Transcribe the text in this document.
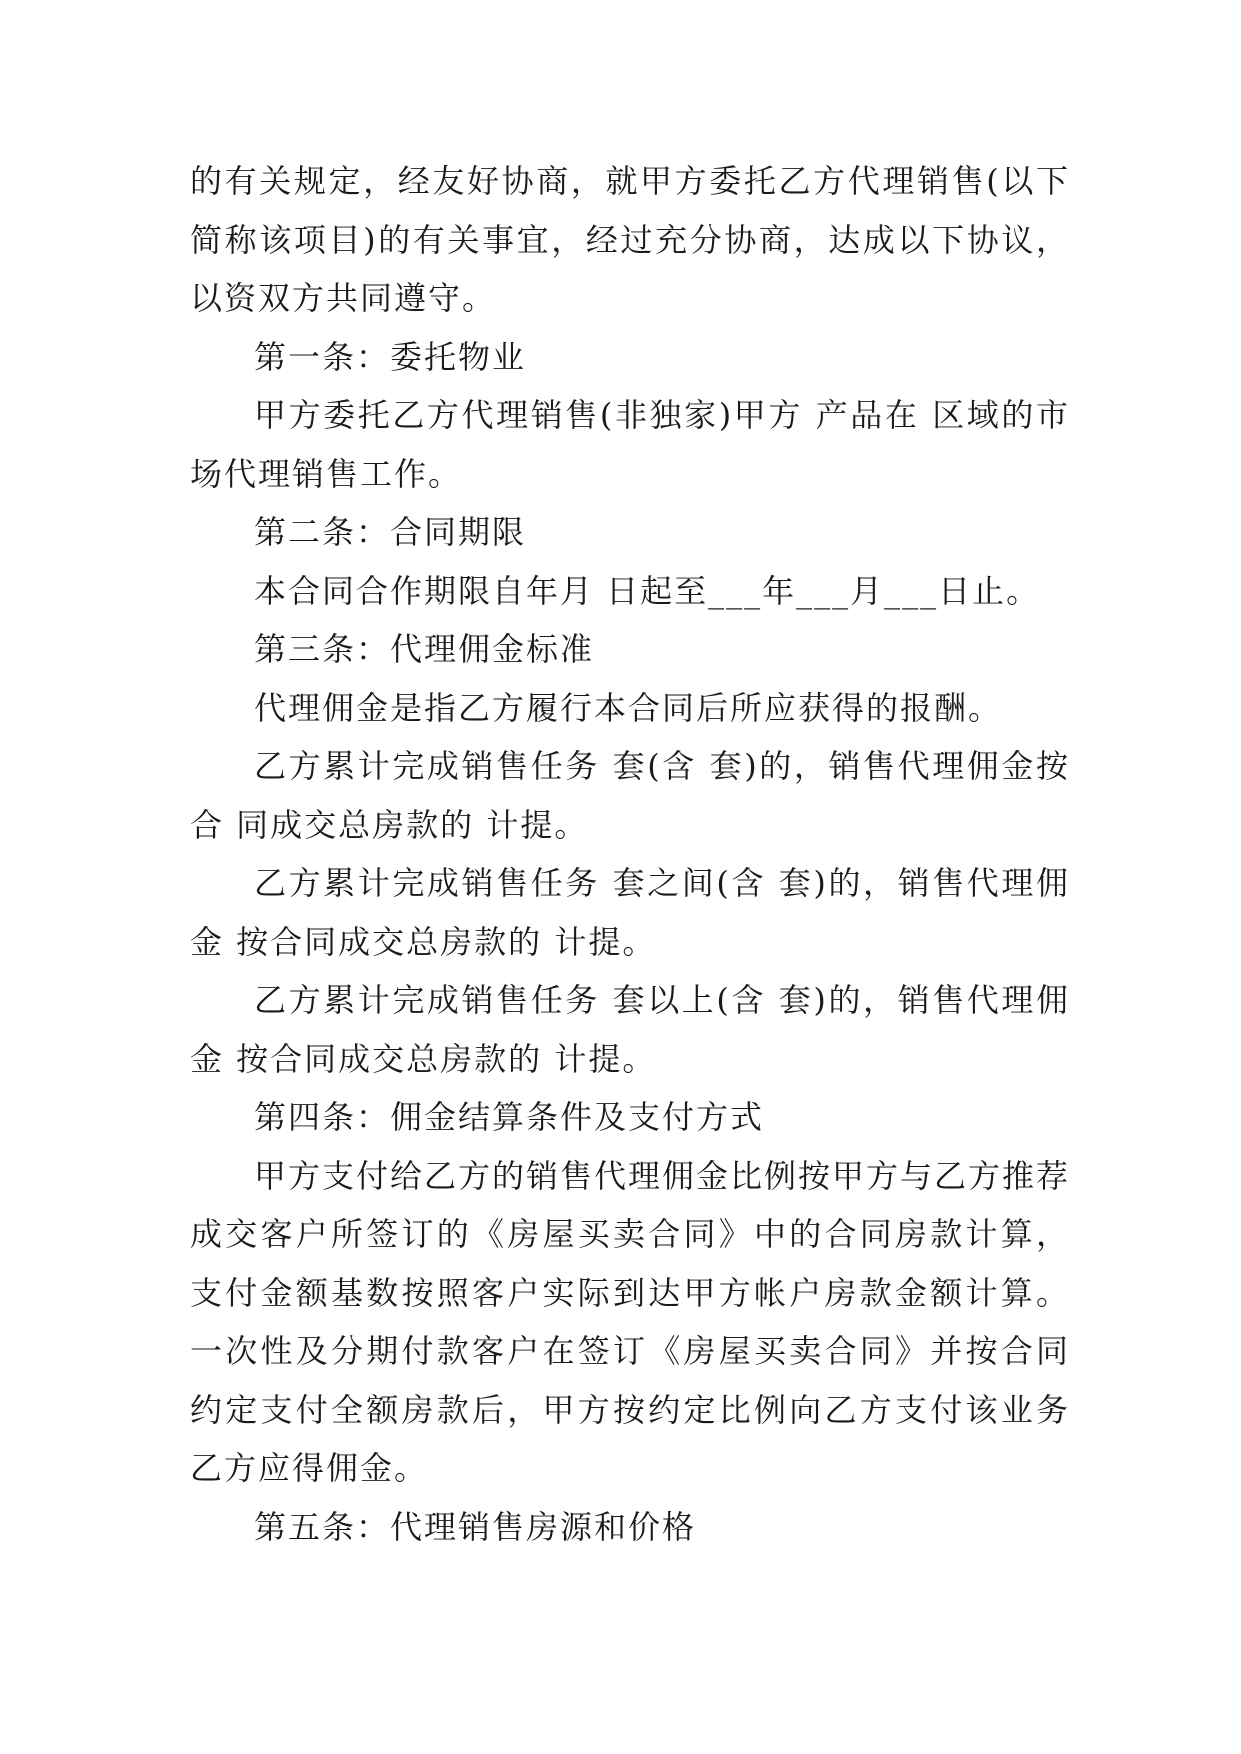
的有关规定，经友好协商，就甲方委托乙方代理销售(以下简称该项目)的有关事宜，经过充分协商，达成以下协议，以资双方共同遵守。

第一条：委托物业

甲方委托乙方代理销售(非独家)甲方 产品在 区域的市场代理销售工作。

第二条：合同期限

本合同合作期限自年月 日起至___年___月___日止。

第三条：代理佣金标准

代理佣金是指乙方履行本合同后所应获得的报酬。

乙方累计完成销售任务 套(含 套)的，销售代理佣金按合 同成交总房款的 计提。

乙方累计完成销售任务 套之间(含 套)的，销售代理佣金 按合同成交总房款的 计提。

乙方累计完成销售任务 套以上(含 套)的，销售代理佣金 按合同成交总房款的 计提。

第四条：佣金结算条件及支付方式

甲方支付给乙方的销售代理佣金比例按甲方与乙方推荐成交客户所签订的《房屋买卖合同》中的合同房款计算，支付金额基数按照客户实际到达甲方帐户房款金额计算。一次性及分期付款客户在签订《房屋买卖合同》并按合同约定支付全额房款后，甲方按约定比例向乙方支付该业务乙方应得佣金。

第五条：代理销售房源和价格
